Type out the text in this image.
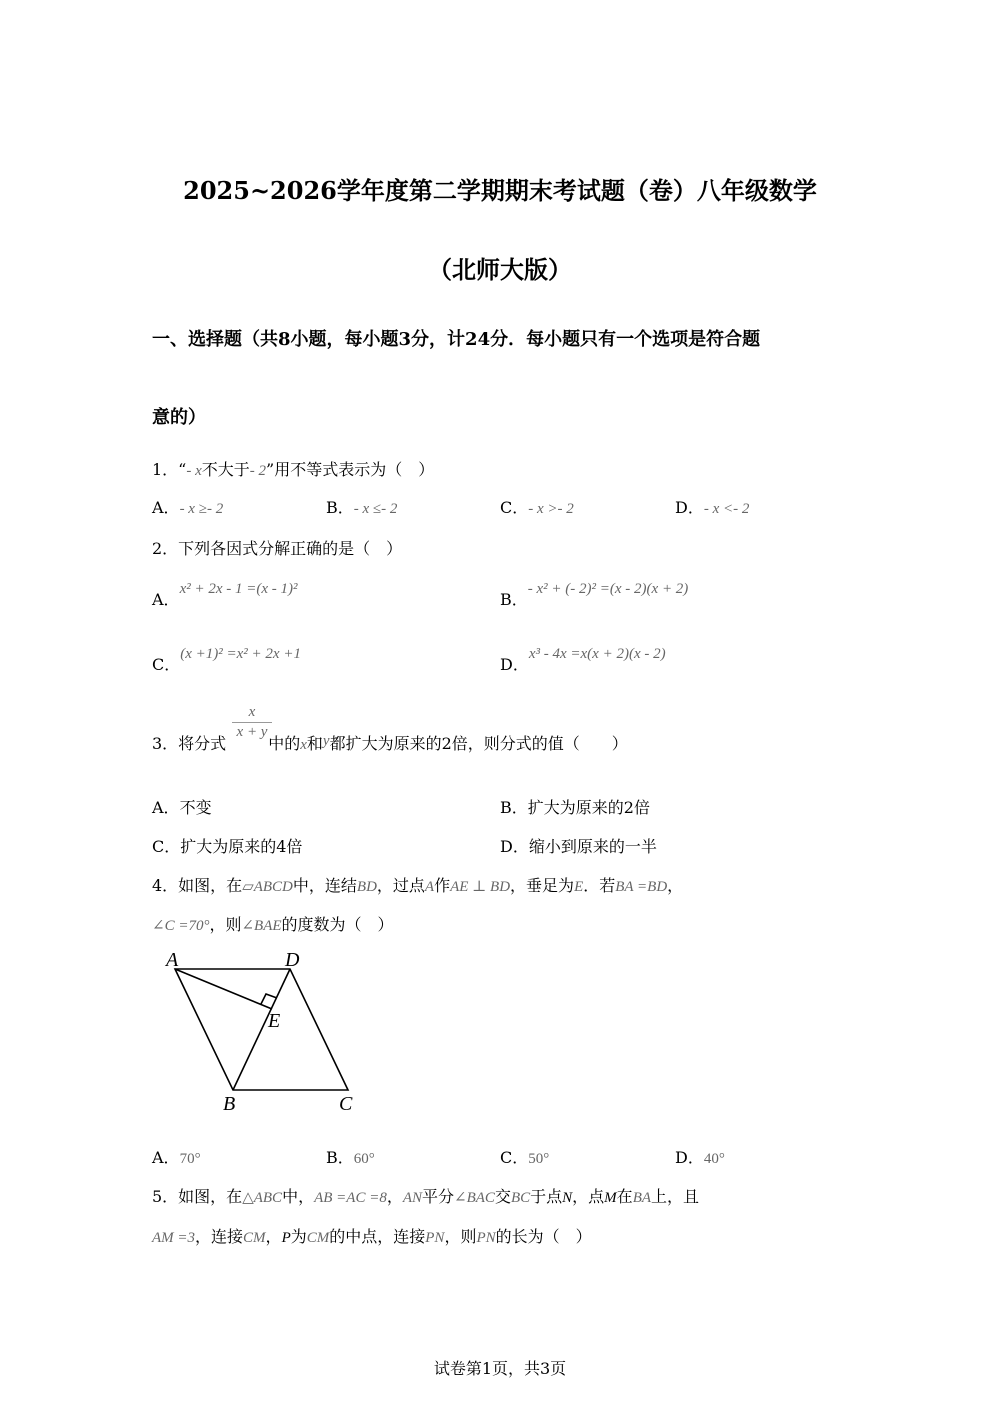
2025~2026学年度第二学期期末考试题（卷）八年级数学
（北师大版）
一、选择题（共8小题，每小题3分，计24分．每小题只有一个选项是符合题
意的）
1．“- x不大于- 2”用不等式表示为（　）
A．- x ≥- 2	B．- x ≤- 2	C．- x >- 2	D．- x <- 2
2．下列各因式分解正确的是（　）
A．x² + 2x - 1 =(x - 1)²
B．- x² + (- 2)² =(x - 2)(x + 2)
C．(x +1)² =x² + 2x +1
D．x³ - 4x =x(x + 2)(x - 2)
x
x + y
3．将分式	中的x和y都扩大为原来的2倍，则分式的值（　　）
A．不变	B．扩大为原来的2倍
C．扩大为原来的4倍	D．缩小到原来的一半
4．如图，在▱ABCD中，连结BD，过点A作AE ⊥ BD，垂足为E．若BA =BD，
∠C =70°，则∠BAE的度数为（　）
A	D
E
B	C
A．70°	B．60°	C．50°	D．40°
5．如图，在△ABC中，AB =AC =8，AN平分∠BAC交BC于点N，点M在BA上，且
AM =3，连接CM，P为CM的中点，连接PN，则PN的长为（　）
试卷第1页，共3页
